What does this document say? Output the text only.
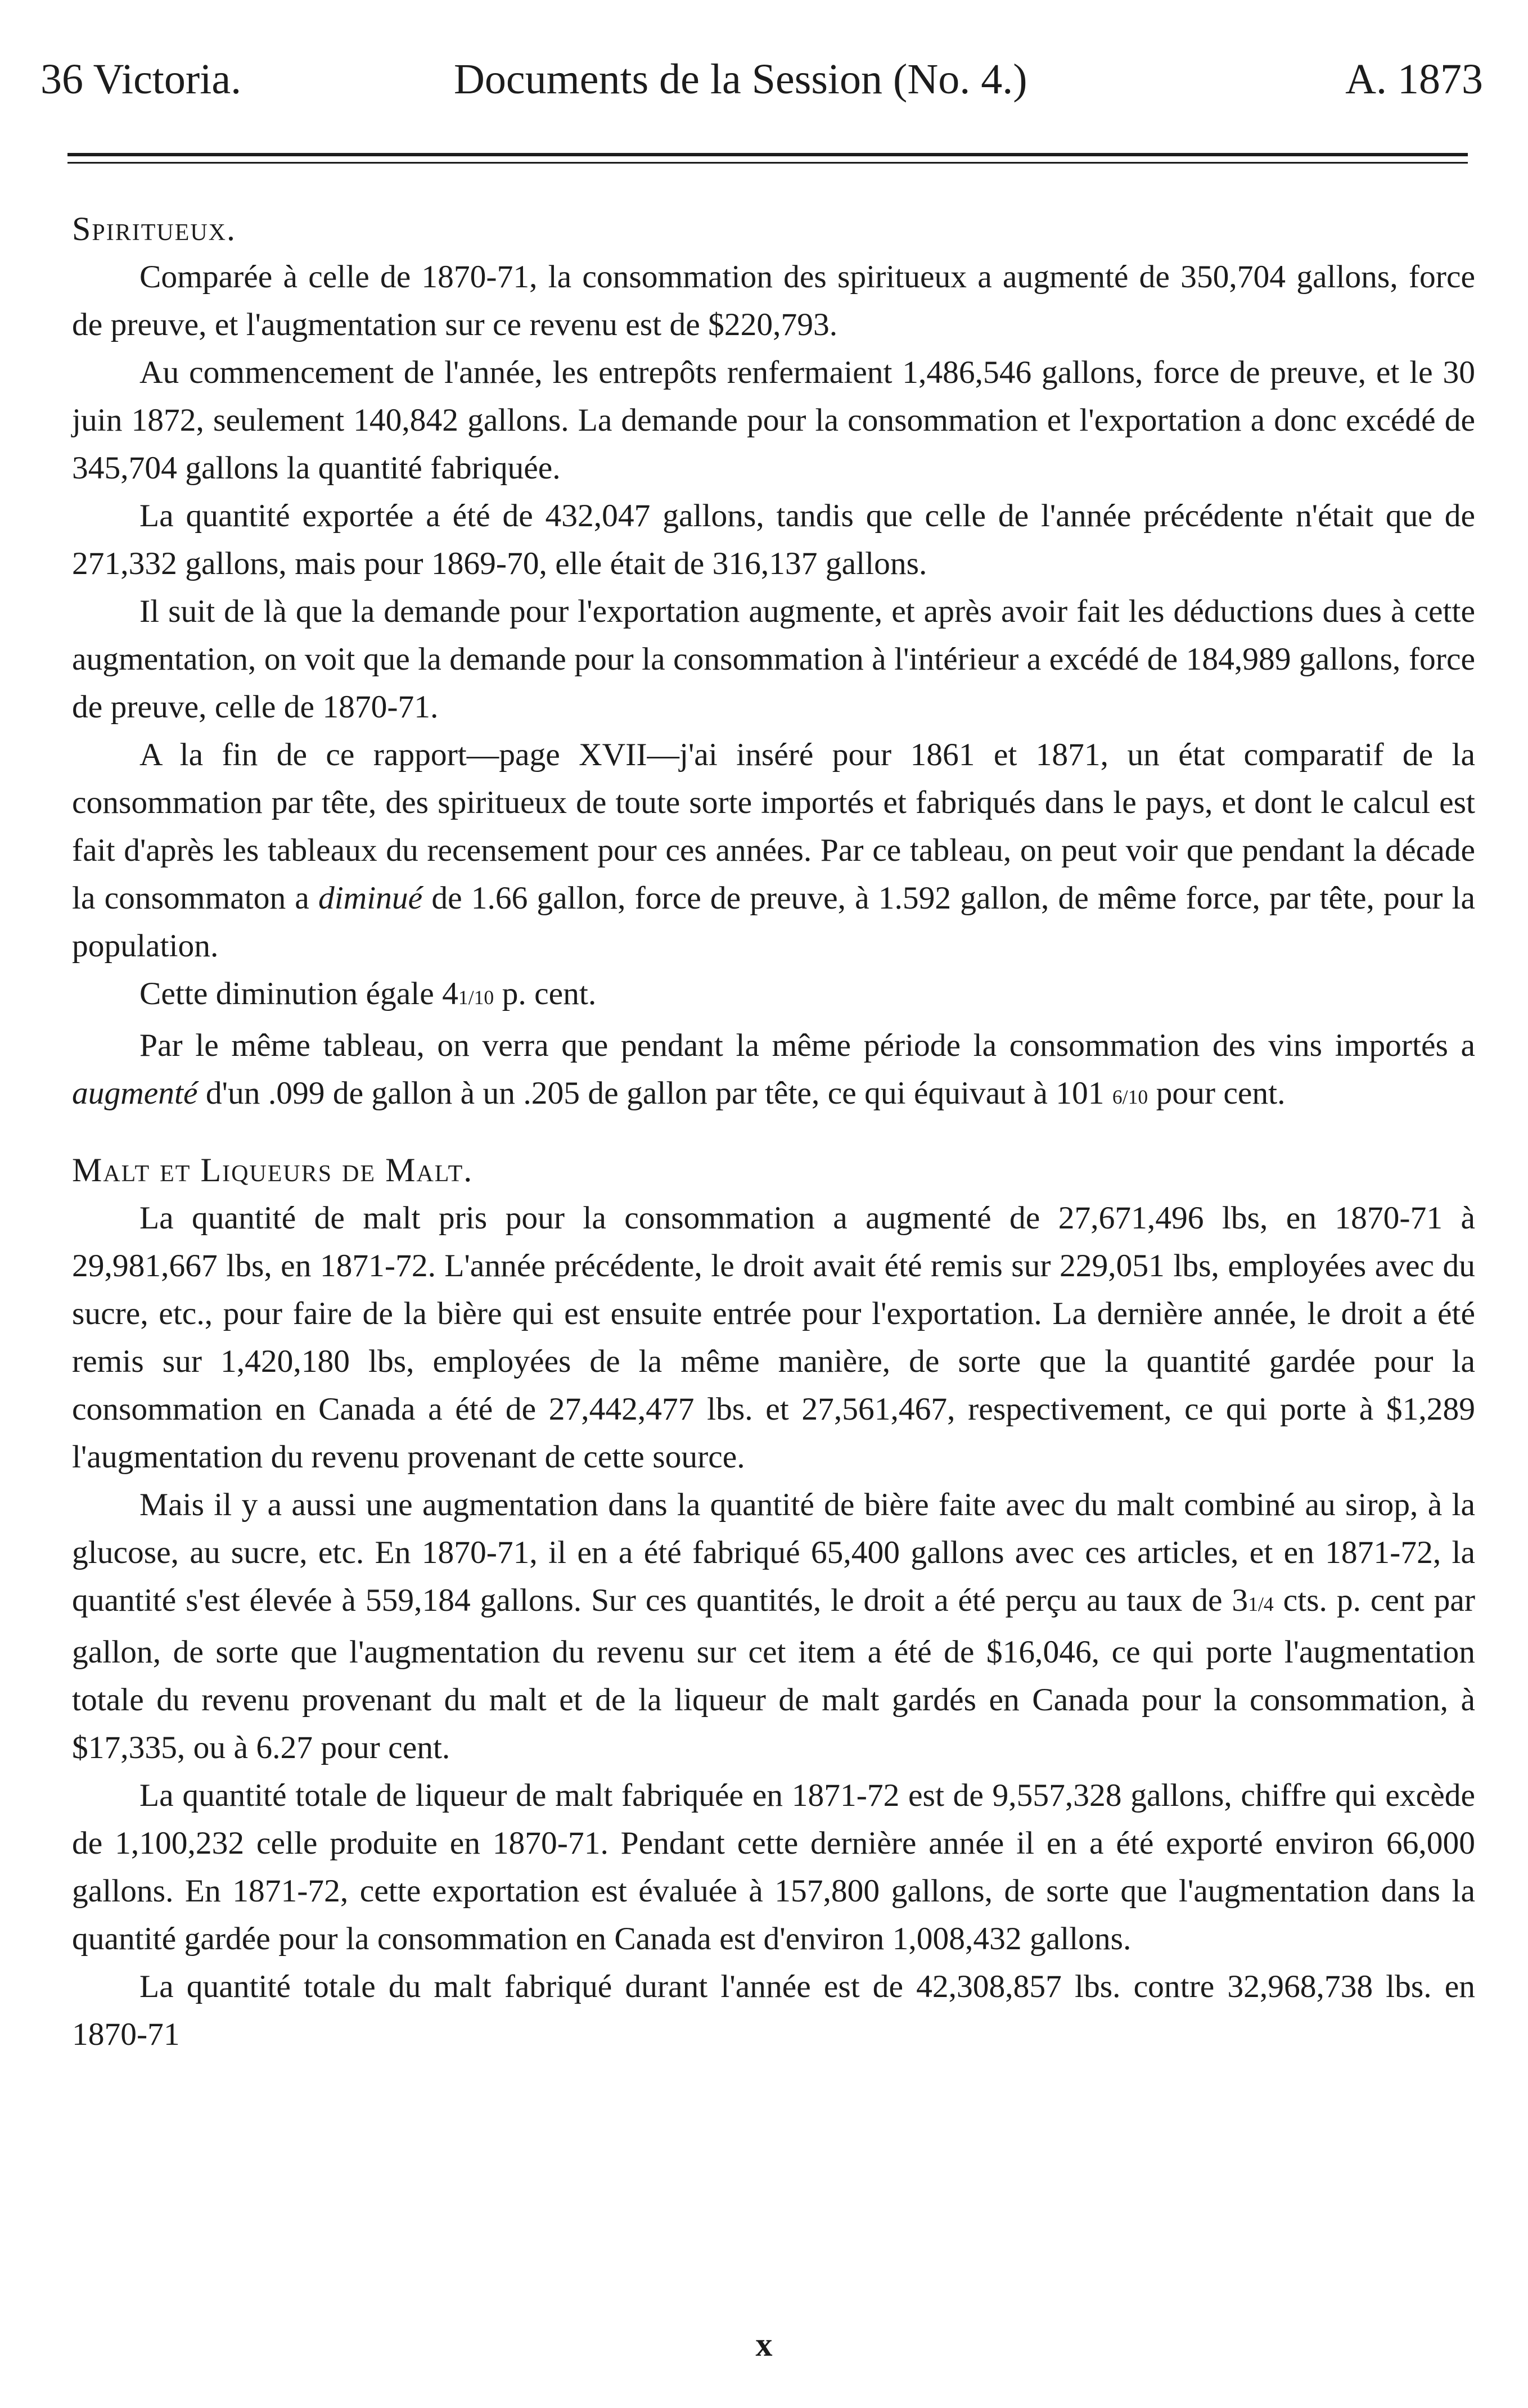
36 Victoria.	Documents de la Session (No. 4.)	A. 1873
Spiritueux.

Comparée à celle de 1870-71, la consommation des spiritueux a augmenté de 350,704 gallons, force de preuve, et l'augmentation sur ce revenu est de $220,793.

Au commencement de l'année, les entrepôts renfermaient 1,486,546 gallons, force de preuve, et le 30 juin 1872, seulement 140,842 gallons. La demande pour la consommation et l'exportation a donc excédé de 345,704 gallons la quantité fabriquée.

La quantité exportée a été de 432,047 gallons, tandis que celle de l'année précédente n'était que de 271,332 gallons, mais pour 1869-70, elle était de 316,137 gallons.

Il suit de là que la demande pour l'exportation augmente, et après avoir fait les déductions dues à cette augmentation, on voit que la demande pour la consommation à l'intérieur a excédé de 184,989 gallons, force de preuve, celle de 1870-71.

A la fin de ce rapport—page XVII—j'ai inséré pour 1861 et 1871, un état comparatif de la consommation par tête, des spiritueux de toute sorte importés et fabriqués dans le pays, et dont le calcul est fait d'après les tableaux du recensement pour ces années. Par ce tableau, on peut voir que pendant la décade la consommaton a diminué de 1.66 gallon, force de preuve, à 1.592 gallon, de même force, par tête, pour la population.

Cette diminution égale 41/10 p. cent.

Par le même tableau, on verra que pendant la même période la consommation des vins importés a augmenté d'un .099 de gallon à un .205 de gallon par tête, ce qui équivaut à 101 6/10 pour cent.

Malt et Liqueurs de Malt.

La quantité de malt pris pour la consommation a augmenté de 27,671,496 lbs, en 1870-71 à 29,981,667 lbs, en 1871-72. L'année précédente, le droit avait été remis sur 229,051 lbs, employées avec du sucre, etc., pour faire de la bière qui est ensuite entrée pour l'exportation. La dernière année, le droit a été remis sur 1,420,180 lbs, employées de la même manière, de sorte que la quantité gardée pour la consommation en Canada a été de 27,442,477 lbs. et 27,561,467, respectivement, ce qui porte à $1,289 l'augmentation du revenu provenant de cette source.

Mais il y a aussi une augmentation dans la quantité de bière faite avec du malt combiné au sirop, à la glucose, au sucre, etc. En 1870-71, il en a été fabriqué 65,400 gallons avec ces articles, et en 1871-72, la quantité s'est élevée à 559,184 gallons. Sur ces quantités, le droit a été perçu au taux de 31/4 cts. p. cent par gallon, de sorte que l'augmentation du revenu sur cet item a été de $16,046, ce qui porte l'augmentation totale du revenu provenant du malt et de la liqueur de malt gardés en Canada pour la consommation, à $17,335, ou à 6.27 pour cent.

La quantité totale de liqueur de malt fabriquée en 1871-72 est de 9,557,328 gallons, chiffre qui excède de 1,100,232 celle produite en 1870-71. Pendant cette dernière année il en a été exporté environ 66,000 gallons. En 1871-72, cette exportation est évaluée à 157,800 gallons, de sorte que l'augmentation dans la quantité gardée pour la consommation en Canada est d'environ 1,008,432 gallons.

La quantité totale du malt fabriqué durant l'année est de 42,308,857 lbs. contre 32,968,738 lbs. en 1870-71

x
